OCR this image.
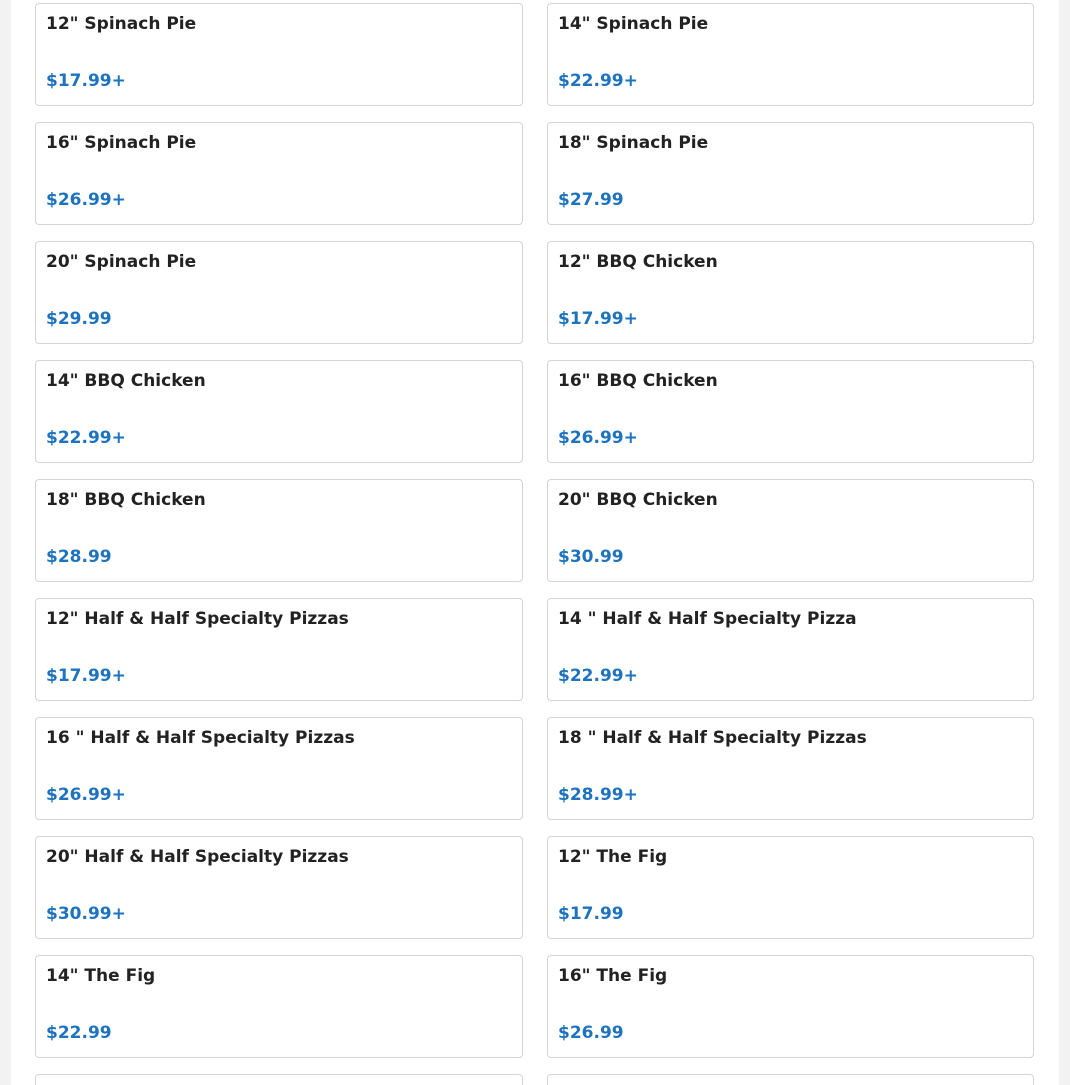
12" Spinach Pie
$17.99+
14" Spinach Pie
$22.99+
16" Spinach Pie
$26.99+
18" Spinach Pie
$27.99
20" Spinach Pie
$29.99
12" BBQ Chicken
$17.99+
14" BBQ Chicken
$22.99+
16" BBQ Chicken
$26.99+
18" BBQ Chicken
$28.99
20" BBQ Chicken
$30.99
12" Half & Half Specialty Pizzas
$17.99+
14 " Half & Half Specialty Pizza
$22.99+
16 " Half & Half Specialty Pizzas
$26.99+
18 " Half & Half Specialty Pizzas
$28.99+
20" Half & Half Specialty Pizzas
$30.99+
12" The Fig
$17.99
14" The Fig
$22.99
16" The Fig
$26.99
